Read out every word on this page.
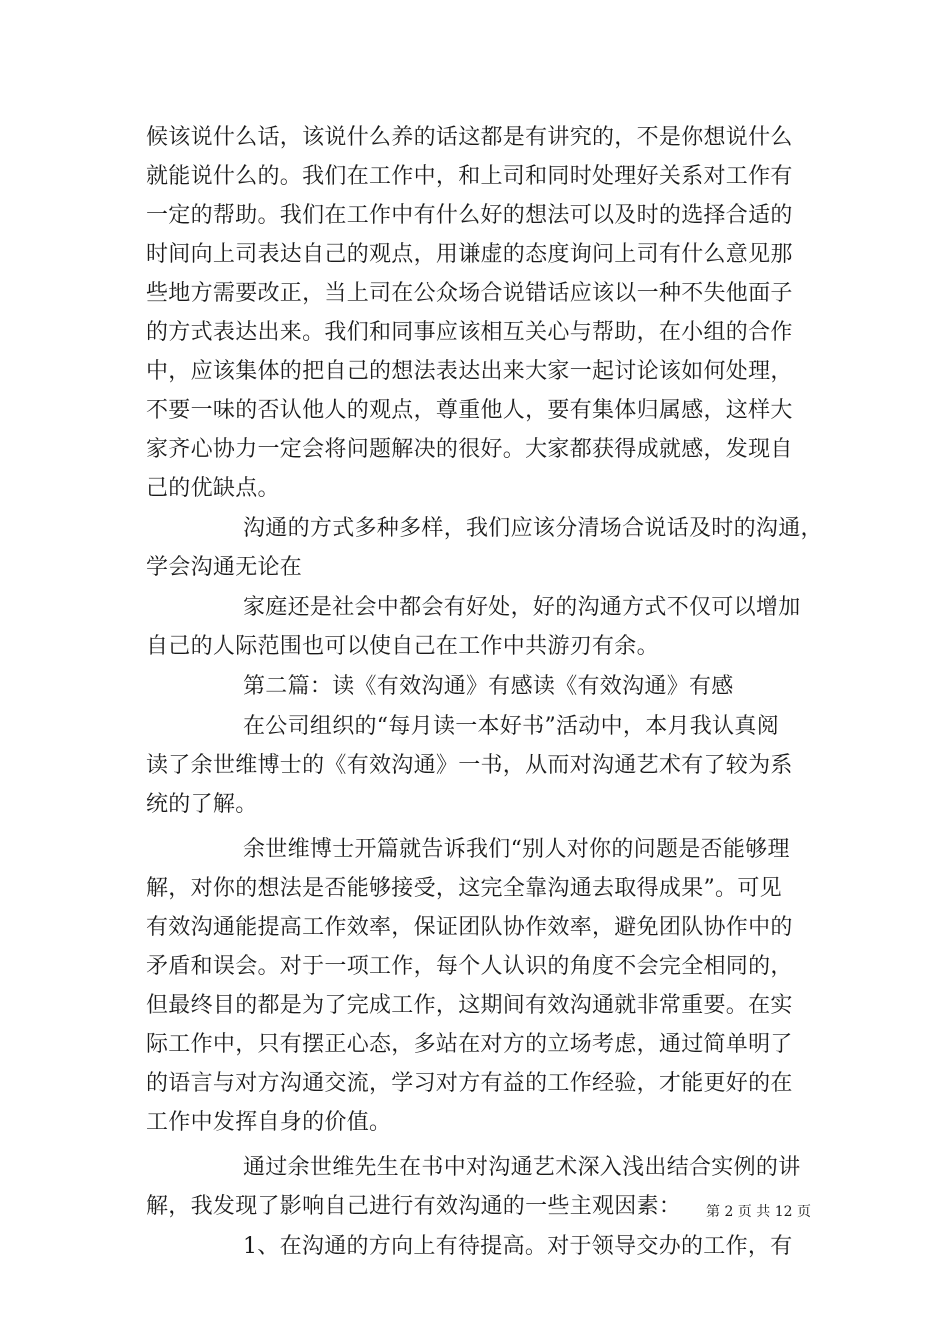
候该说什么话，该说什么养的话这都是有讲究的，不是你想说什么
就能说什么的。我们在工作中，和上司和同时处理好关系对工作有
一定的帮助。我们在工作中有什么好的想法可以及时的选择合适的
时间向上司表达自己的观点，用谦虚的态度询问上司有什么意见那
些地方需要改正，当上司在公众场合说错话应该以一种不失他面子
的方式表达出来。我们和同事应该相互关心与帮助，在小组的合作
中，应该集体的把自己的想法表达出来大家一起讨论该如何处理，
不要一味的否认他人的观点，尊重他人，要有集体归属感，这样大
家齐心协力一定会将问题解决的很好。大家都获得成就感，发现自
己的优缺点。
沟通的方式多种多样，我们应该分清场合说话及时的沟通，
学会沟通无论在
家庭还是社会中都会有好处，好的沟通方式不仅可以增加
自己的人际范围也可以使自己在工作中共游刃有余。
第二篇：读《有效沟通》有感读《有效沟通》有感
在公司组织的“每月读一本好书”活动中，本月我认真阅
读了余世维博士的《有效沟通》一书，从而对沟通艺术有了较为系
统的了解。
余世维博士开篇就告诉我们“别人对你的问题是否能够理
解，对你的想法是否能够接受，这完全靠沟通去取得成果”。可见
有效沟通能提高工作效率，保证团队协作效率，避免团队协作中的
矛盾和误会。对于一项工作，每个人认识的角度不会完全相同的，
但最终目的都是为了完成工作，这期间有效沟通就非常重要。在实
际工作中，只有摆正心态，多站在对方的立场考虑，通过简单明了
的语言与对方沟通交流，学习对方有益的工作经验，才能更好的在
工作中发挥自身的价值。
通过余世维先生在书中对沟通艺术深入浅出结合实例的讲
解，我发现了影响自己进行有效沟通的一些主观因素：
1、在沟通的方向上有待提高。对于领导交办的工作，有
第 2 页 共 12 页
